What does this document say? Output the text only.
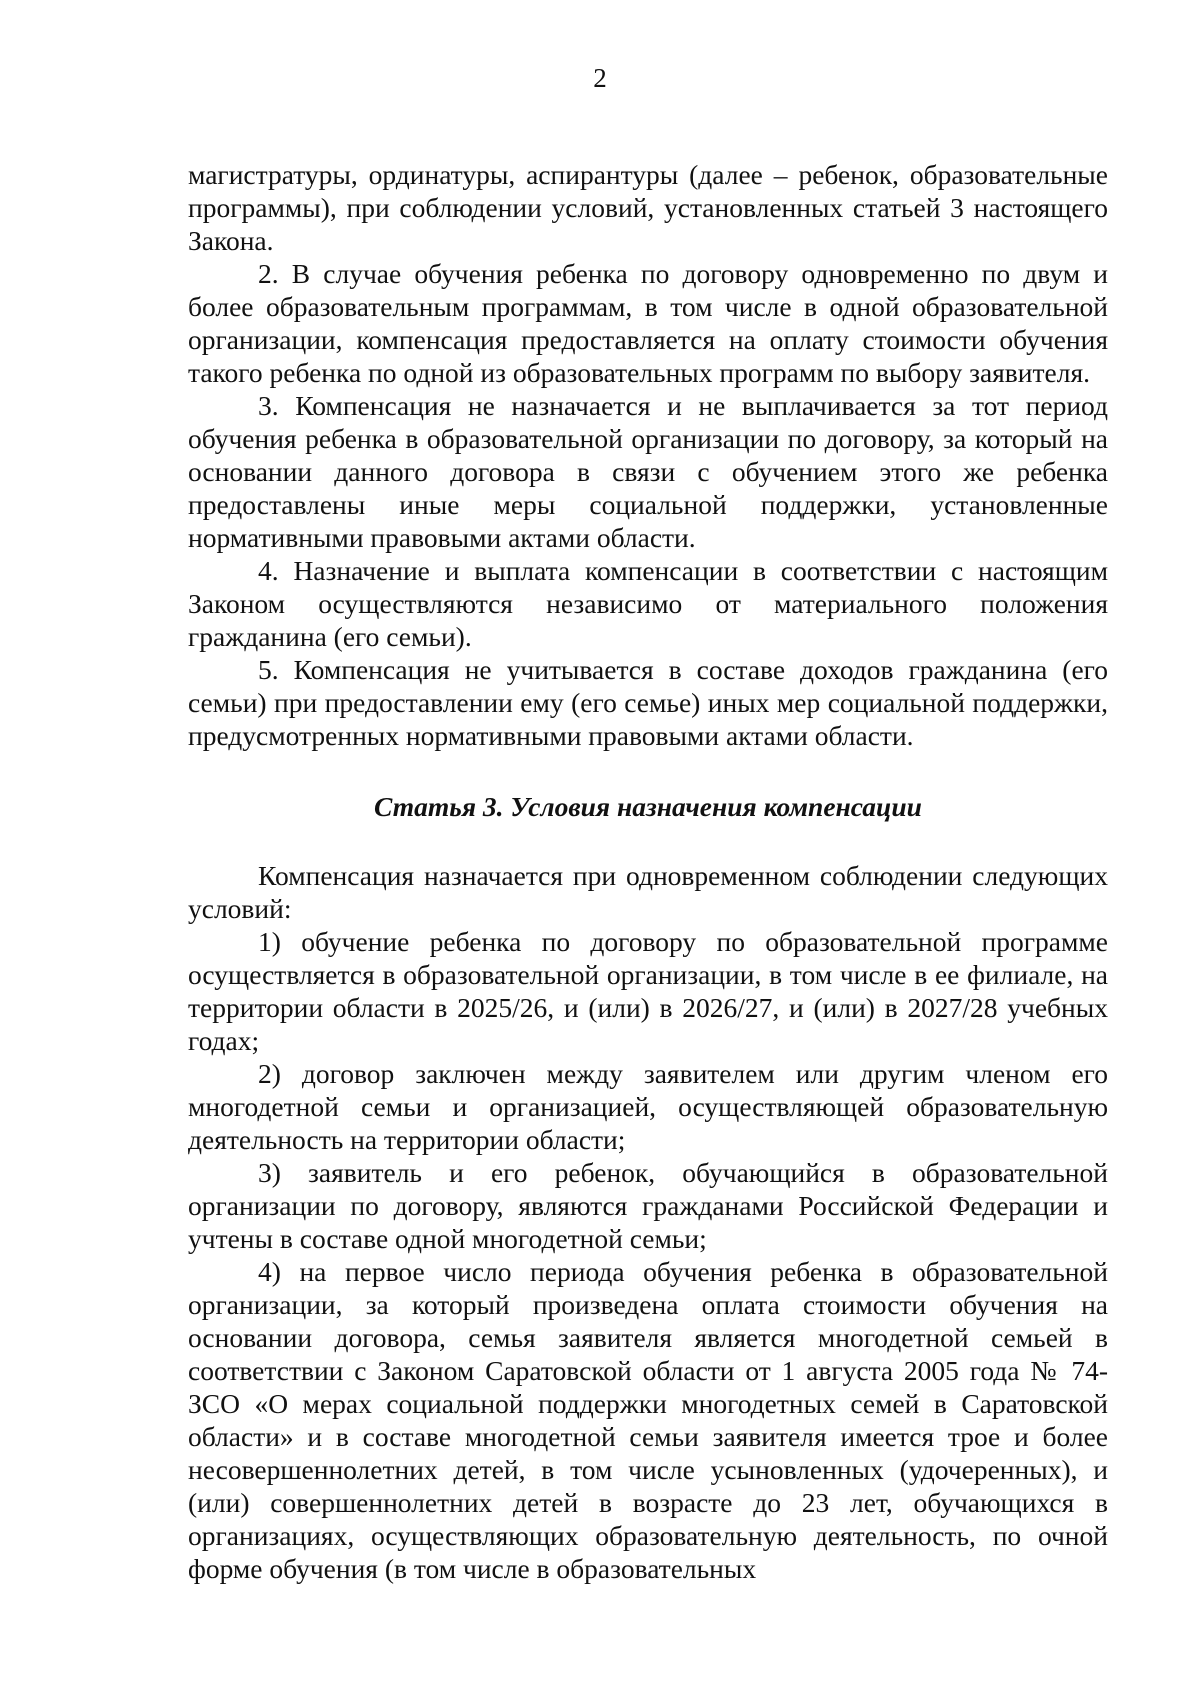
2

магистратуры, ординатуры, аспирантуры (далее – ребенок, образовательные программы), при соблюдении условий, установленных статьей 3 настоящего Закона.

2. В случае обучения ребенка по договору одновременно по двум и более образовательным программам, в том числе в одной образовательной организации, компенсация предоставляется на оплату стоимости обучения такого ребенка по одной из образовательных программ по выбору заявителя.

3. Компенсация не назначается и не выплачивается за тот период обучения ребенка в образовательной организации по договору, за который на основании данного договора в связи с обучением этого же ребенка предоставлены иные меры социальной поддержки, установленные нормативными правовыми актами области.

4. Назначение и выплата компенсации в соответствии с настоящим Законом осуществляются независимо от материального положения гражданина (его семьи).

5. Компенсация не учитывается в составе доходов гражданина (его семьи) при предоставлении ему (его семье) иных мер социальной поддержки, предусмотренных нормативными правовыми актами области.

Статья 3. Условия назначения компенсации

Компенсация назначается при одновременном соблюдении следующих условий:

1) обучение ребенка по договору по образовательной программе осуществляется в образовательной организации, в том числе в ее филиале, на территории области в 2025/26, и (или) в 2026/27, и (или) в 2027/28 учебных годах;

2) договор заключен между заявителем или другим членом его многодетной семьи и организацией, осуществляющей образовательную деятельность на территории области;

3) заявитель и его ребенок, обучающийся в образовательной организации по договору, являются гражданами Российской Федерации и учтены в составе одной многодетной семьи;

4) на первое число периода обучения ребенка в образовательной организации, за который произведена оплата стоимости обучения на основании договора, семья заявителя является многодетной семьей в соответствии с Законом Саратовской области от 1 августа 2005 года № 74-ЗСО «О мерах социальной поддержки многодетных семей в Саратовской области» и в составе многодетной семьи заявителя имеется трое и более несовершеннолетних детей, в том числе усыновленных (удочеренных), и (или) совершеннолетних детей в возрасте до 23 лет, обучающихся в организациях, осуществляющих образовательную деятельность, по очной форме обучения (в том числе в образовательных
